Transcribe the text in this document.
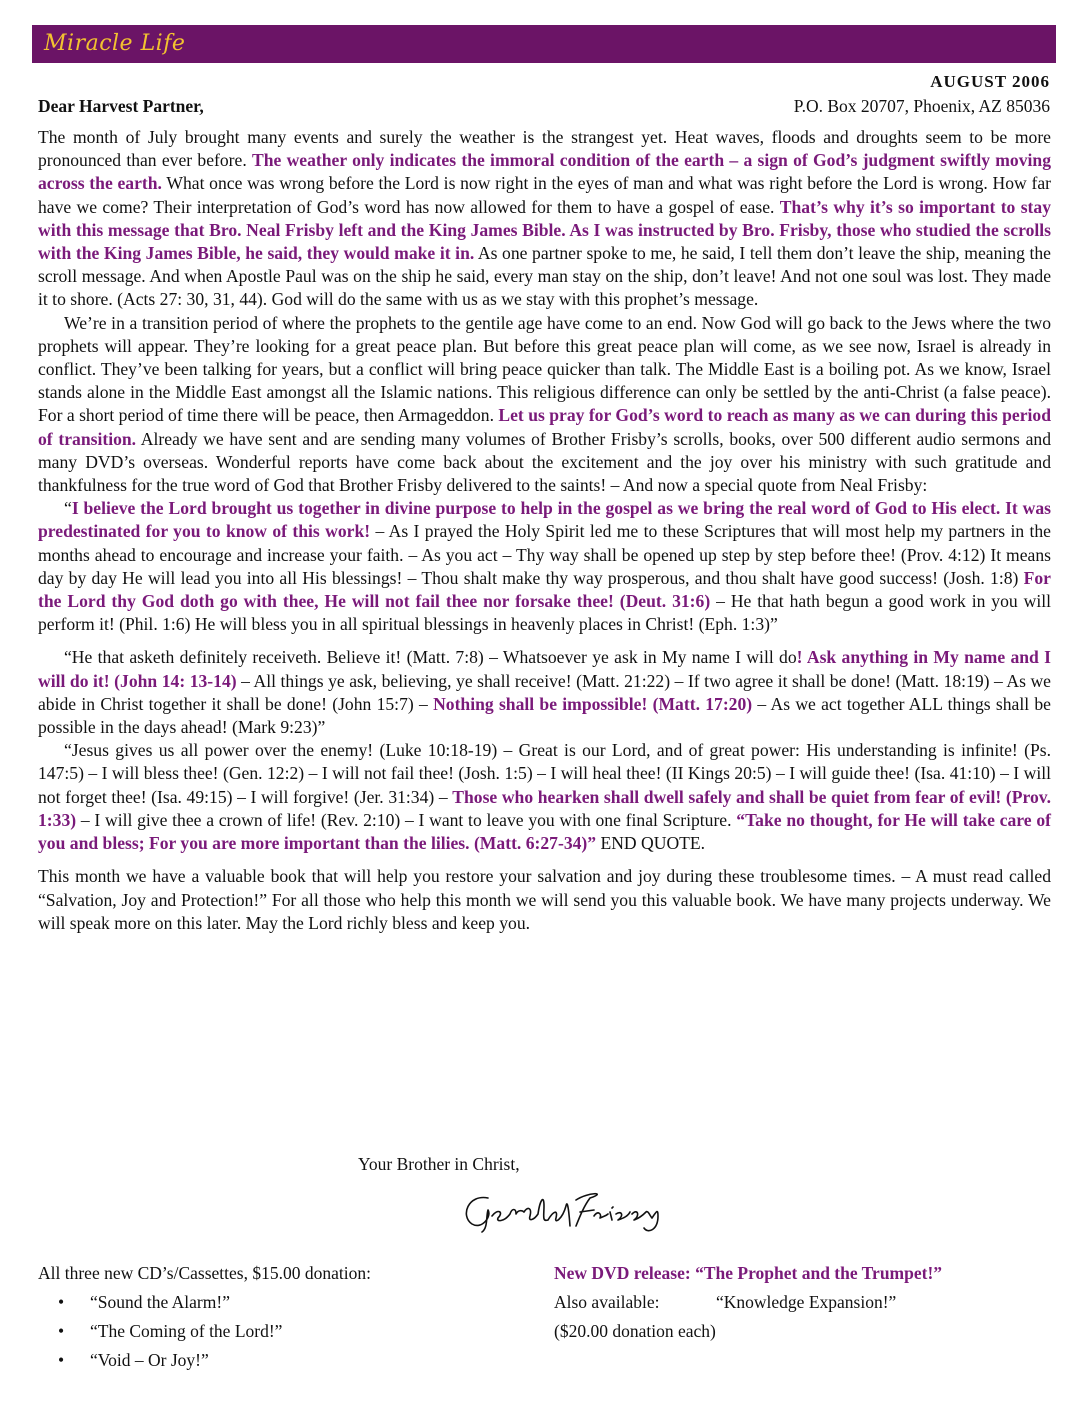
Miracle Life
AUGUST 2006
Dear Harvest Partner,	P.O. Box 20707, Phoenix, AZ 85036

The month of July brought many events and surely the weather is the strangest yet. Heat waves, floods and droughts seem to be more pronounced than ever before. The weather only indicates the immoral condition of the earth – a sign of God’s judgment swiftly moving across the earth. What once was wrong before the Lord is now right in the eyes of man and what was right before the Lord is wrong. How far have we come? Their interpretation of God’s word has now allowed for them to have a gospel of ease. That’s why it’s so important to stay with this message that Bro. Neal Frisby left and the King James Bible. As I was instructed by Bro. Frisby, those who studied the scrolls with the King James Bible, he said, they would make it in. As one partner spoke to me, he said, I tell them don’t leave the ship, meaning the scroll message. And when Apostle Paul was on the ship he said, every man stay on the ship, don’t leave! And not one soul was lost. They made it to shore. (Acts 27: 30, 31, 44). God will do the same with us as we stay with this prophet’s message.

We’re in a transition period of where the prophets to the gentile age have come to an end. Now God will go back to the Jews where the two prophets will appear. They’re looking for a great peace plan. But before this great peace plan will come, as we see now, Israel is already in conflict. They’ve been talking for years, but a conflict will bring peace quicker than talk. The Middle East is a boiling pot. As we know, Israel stands alone in the Middle East amongst all the Islamic nations. This religious difference can only be settled by the anti-Christ (a false peace). For a short period of time there will be peace, then Armageddon. Let us pray for God’s word to reach as many as we can during this period of transition. Already we have sent and are sending many volumes of Brother Frisby’s scrolls, books, over 500 different audio sermons and many DVD’s overseas. Wonderful reports have come back about the excitement and the joy over his ministry with such gratitude and thankfulness for the true word of God that Brother Frisby delivered to the saints! – And now a special quote from Neal Frisby:

“I believe the Lord brought us together in divine purpose to help in the gospel as we bring the real word of God to His elect. It was predestinated for you to know of this work! – As I prayed the Holy Spirit led me to these Scriptures that will most help my partners in the months ahead to encourage and increase your faith. – As you act – Thy way shall be opened up step by step before thee! (Prov. 4:12) It means day by day He will lead you into all His blessings! – Thou shalt make thy way prosperous, and thou shalt have good success! (Josh. 1:8) For the Lord thy God doth go with thee, He will not fail thee nor forsake thee! (Deut. 31:6) – He that hath begun a good work in you will perform it! (Phil. 1:6) He will bless you in all spiritual blessings in heavenly places in Christ! (Eph. 1:3)”

“He that asketh definitely receiveth. Believe it! (Matt. 7:8) – Whatsoever ye ask in My name I will do! Ask anything in My name and I will do it! (John 14: 13-14) – All things ye ask, believing, ye shall receive! (Matt. 21:22) – If two agree it shall be done! (Matt. 18:19) – As we abide in Christ together it shall be done! (John 15:7) – Nothing shall be impossible! (Matt. 17:20) – As we act together ALL things shall be possible in the days ahead! (Mark 9:23)”

“Jesus gives us all power over the enemy! (Luke 10:18-19) – Great is our Lord, and of great power: His understanding is infinite! (Ps. 147:5) – I will bless thee! (Gen. 12:2) – I will not fail thee! (Josh. 1:5) – I will heal thee! (II Kings 20:5) – I will guide thee! (Isa. 41:10) – I will not forget thee! (Isa. 49:15) – I will forgive! (Jer. 31:34) – Those who hearken shall dwell safely and shall be quiet from fear of evil! (Prov. 1:33) – I will give thee a crown of life! (Rev. 2:10) – I want to leave you with one final Scripture. “Take no thought, for He will take care of you and bless; For you are more important than the lilies. (Matt. 6:27-34)” END QUOTE.

This month we have a valuable book that will help you restore your salvation and joy during these troublesome times. – A must read called “Salvation, Joy and Protection!” For all those who help this month we will send you this valuable book. We have many projects underway. We will speak more on this later. May the Lord richly bless and keep you.

Your Brother in Christ,
All three new CD’s/Cassettes, $15.00 donation:
• “Sound the Alarm!”
• “The Coming of the Lord!”
• “Void – Or Joy!”
New DVD release: “The Prophet and the Trumpet!”
Also available:	“Knowledge Expansion!”
($20.00 donation each)
